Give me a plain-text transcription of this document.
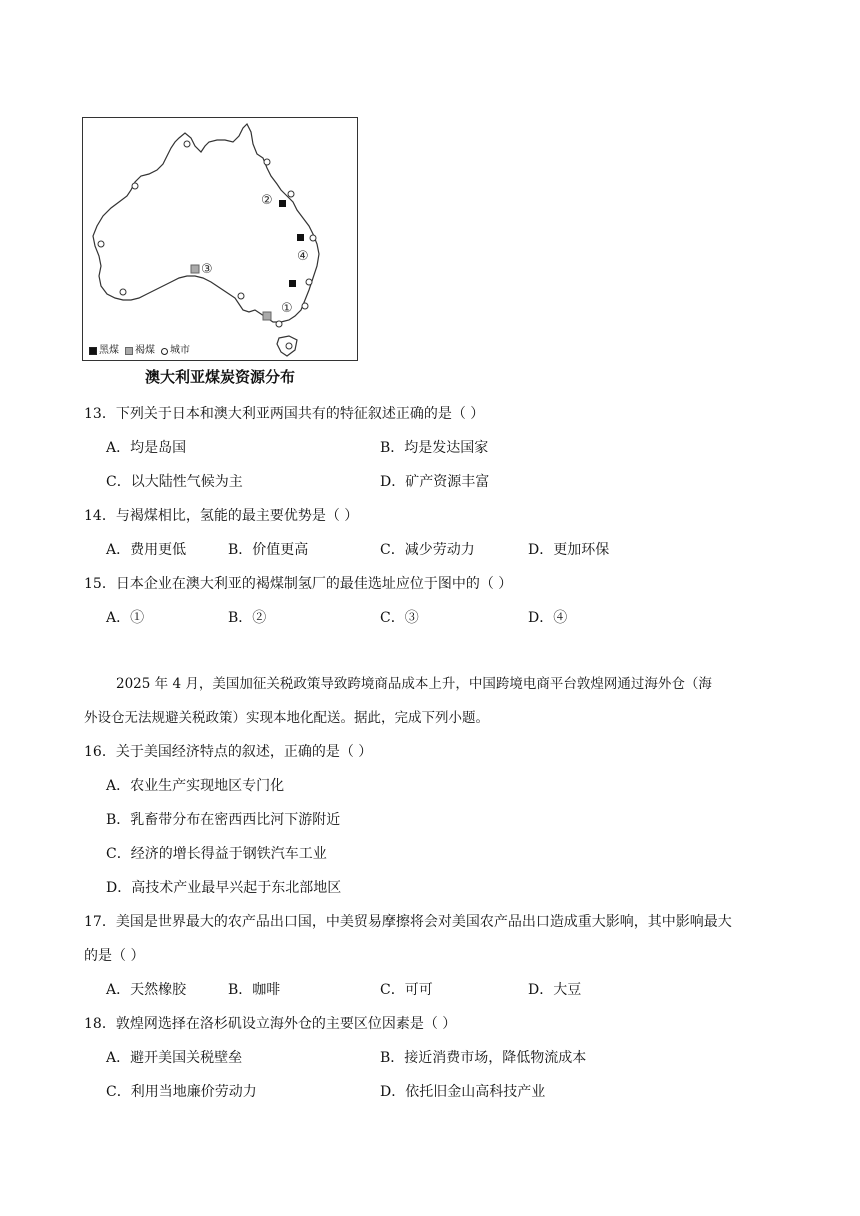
①
②
③
④
黑煤 褐煤 城市
澳大利亚煤炭资源分布
13．下列关于日本和澳大利亚两国共有的特征叙述正确的是（ ）
A．均是岛国	B．均是发达国家
C．以大陆性气候为主	D．矿产资源丰富
14．与褐煤相比，氢能的最主要优势是（ ）
A．费用更低	B．价值更高	C．减少劳动力	D．更加环保
15．日本企业在澳大利亚的褐煤制氢厂的最佳选址应位于图中的（ ）
A．①	B．②	C．③	D．④
2025 年 4 月，美国加征关税政策导致跨境商品成本上升，中国跨境电商平台敦煌网通过海外仓（海
外设仓无法规避关税政策）实现本地化配送。据此，完成下列小题。
16．关于美国经济特点的叙述，正确的是（ ）
A．农业生产实现地区专门化
B．乳畜带分布在密西西比河下游附近
C．经济的增长得益于钢铁汽车工业
D．高技术产业最早兴起于东北部地区
17．美国是世界最大的农产品出口国，中美贸易摩擦将会对美国农产品出口造成重大影响，其中影响最大
的是（ ）
A．天然橡胶	B．咖啡	C．可可	D．大豆
18．敦煌网选择在洛杉矶设立海外仓的主要区位因素是（ ）
A．避开美国关税壁垒	B．接近消费市场，降低物流成本
C．利用当地廉价劳动力	D．依托旧金山高科技产业
